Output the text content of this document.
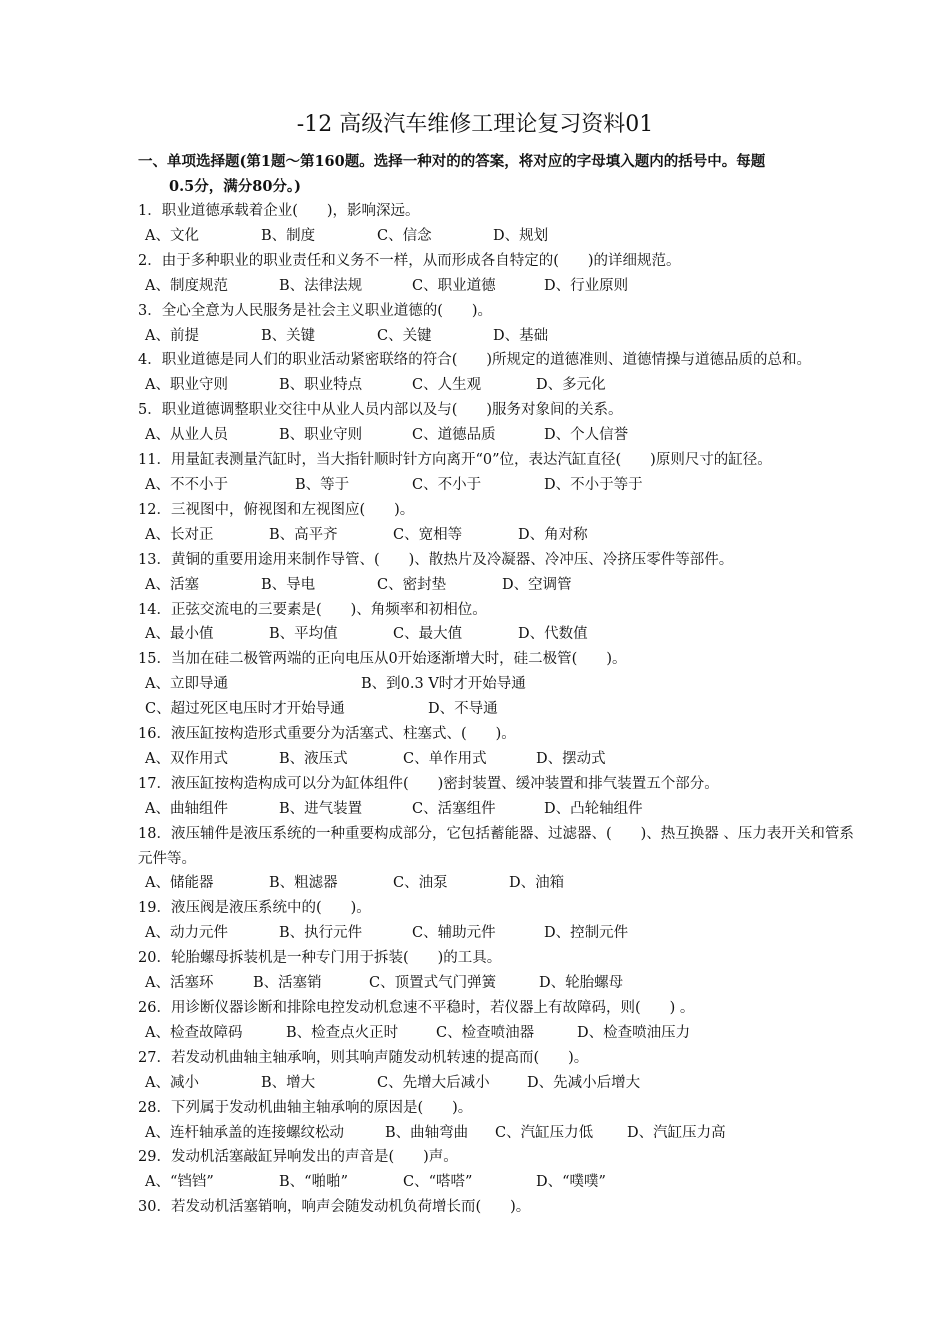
-12 高级汽车维修工理论复习资料01
一、单项选择题(第1题～第160题。选择一种对的的答案，将对应的字母填入题内的括号中。每题
0.5分，满分80分。)
1．职业道德承载着企业(　　)，影响深远。
A、文化	B、制度	C、信念	D、规划
2．由于多种职业的职业责任和义务不一样，从而形成各自特定的(　　)的详细规范。
A、制度规范	B、法律法规	C、职业道德	D、行业原则
3．全心全意为人民服务是社会主义职业道德的(　　)。
A、前提	B、关键	C、关键	D、基础
4．职业道德是同人们的职业活动紧密联络的符合(　　)所规定的道德准则、道德情操与道德品质的总和。
A、职业守则	B、职业特点	C、人生观	D、多元化
5．职业道德调整职业交往中从业人员内部以及与(　　)服务对象间的关系。
A、从业人员	B、职业守则	C、道德品质	D、个人信誉
11．用量缸表测量汽缸时，当大指针顺时针方向离开“0”位，表达汽缸直径(　　)原则尺寸的缸径。
A、不不小于	B、等于	C、不小于	D、不小于等于
12．三视图中，俯视图和左视图应(　　)。
A、长对正	B、高平齐	C、宽相等	D、角对称
13．黄铜的重要用途用来制作导管、(　　)、散热片及冷凝器、冷冲压、冷挤压零件等部件。
A、活塞	B、导电	C、密封垫	D、空调管
14．正弦交流电的三要素是(　　)、角频率和初相位。
A、最小值	B、平均值	C、最大值	D、代数值
15．当加在硅二极管两端的正向电压从0开始逐渐增大时，硅二极管(　　)。
A、立即导通	B、到0.3 V时才开始导通
C、超过死区电压时才开始导通	D、不导通
16．液压缸按构造形式重要分为活塞式、柱塞式、(　　)。
A、双作用式	B、液压式	C、单作用式	D、摆动式
17．液压缸按构造构成可以分为缸体组件(　　)密封装置、缓冲装置和排气装置五个部分。
A、曲轴组件	B、进气装置	C、活塞组件	D、凸轮轴组件
18．液压辅件是液压系统的一种重要构成部分，它包括蓄能器、过滤器、(　　)、热互换器 、压力表开关和管系元件等。
A、储能器	B、粗滤器	C、油泵	D、油箱
19．液压阀是液压系统中的(　　)。
A、动力元件	B、执行元件	C、辅助元件	D、控制元件
20．轮胎螺母拆装机是一种专门用于拆装(　　)的工具。
A、活塞环	B、活塞销	C、顶置式气门弹簧	D、轮胎螺母
26．用诊断仪器诊断和排除电控发动机怠速不平稳时，若仪器上有故障码，则(　　) 。
A、检查故障码	B、检查点火正时	C、检查喷油器	D、检查喷油压力
27．若发动机曲轴主轴承响，则其响声随发动机转速的提高而(　　)。
A、减小	B、增大	C、先增大后减小	D、先减小后增大
28．下列属于发动机曲轴主轴承响的原因是(　　)。
A、连杆轴承盖的连接螺纹松动	B、曲轴弯曲 C、汽缸压力低 D、汽缸压力高
29．发动机活塞敲缸异响发出的声音是(　　)声。
A、“铛铛”	B、“啪啪”	C、“嗒嗒”	D、“噗噗”
30．若发动机活塞销响，响声会随发动机负荷增长而(　　)。
